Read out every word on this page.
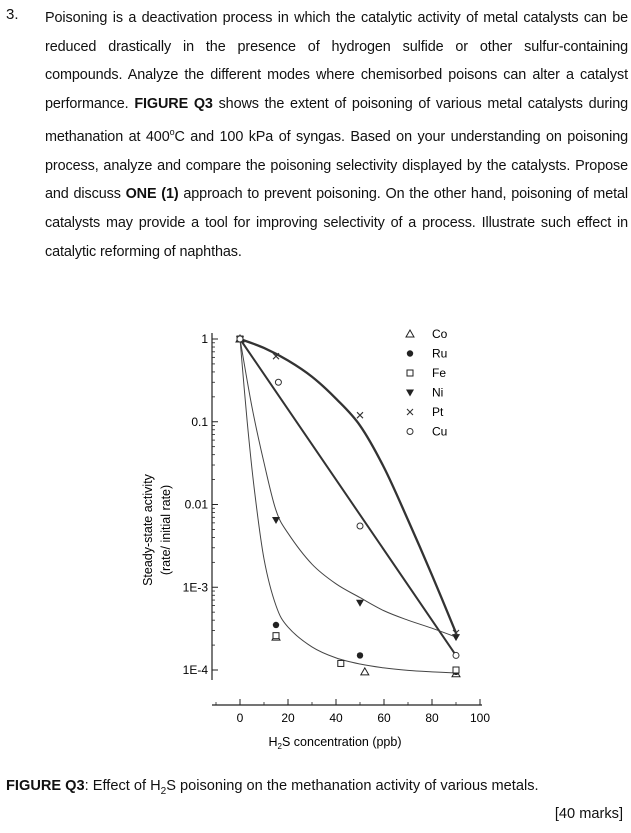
3. Poisoning is a deactivation process in which the catalytic activity of metal catalysts can be reduced drastically in the presence of hydrogen sulfide or other sulfur-containing compounds. Analyze the different modes where chemisorbed poisons can alter a catalyst performance. FIGURE Q3 shows the extent of poisoning of various metal catalysts during methanation at 400$^o$C and 100 kPa of syngas. Based on your understanding on poisoning process, analyze and compare the poisoning selectivity displayed by the catalysts. Propose and discuss ONE (1) approach to prevent poisoning. On the other hand, poisoning of metal catalysts may provide a tool for improving selectivity of a process. Illustrate such effect in catalytic reforming of naphthas.
1
0.1
0.01
1E-3
1E-4
0	20	40	60	80	100
Co
Ru
Fe
Ni
Pt
Cu
Steady-state activity (rate/ initial rate)
$H_2S$ concentration (ppb)
FIGURE Q3: Effect of $H_2S$ poisoning on the methanation activity of various metals.
[40 marks]
